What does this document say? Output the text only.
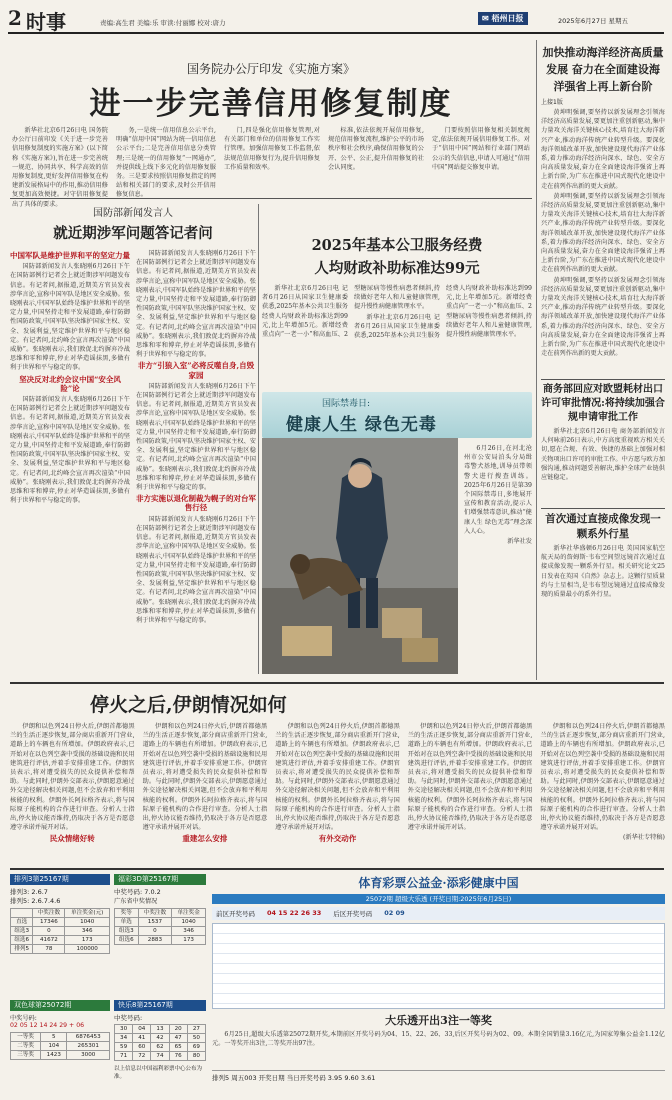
2 时事	责编:高生君 美编:乐 审读:付丽娜 校对:唐力	✉ 梧州日报	2025年6月27日 星期五
国务院办公厅印发《实施方案》
进一步完善信用修复制度

新华社北京6月26日电 国务院办公厅日前印发《关于进一步完善信用修复制度的实施方案》(以下简称《实施方案》),旨在进一步完善统一规范、协同共享、科学高效的信用修复制度,更好发挥信用修复在构建新发展格局中的作用,推动信用修复更加高效便捷。对守信用修复提出了具体的要求。

务,一是统一信用信息公示平台,明确“信用中国”网站为统一信用信息公示平台;二是完善信用信息分类管理;三是统一的信用修复“一网通办”,并提供线上线下多元化的信用修复服务。三是要求按照信用修复指定的网站和相关部门的要求,及时公开信用修复信息。

门,四是强化信用修复管理,对有关部门和单位的信用修复工作实行管理。加强信用修复工作监督,依法规范信用修复行为,提升信用修复工作质量和效率。

标准,依法依规开展信用修复,规范信用修复流程,维护公平的市场秩序和社会秩序,确保信用修复的公开、公平、公正,提升信用修复的社会认同度。

门要按照信用修复相关制度规定,依法依规开展信用修复工作。对于“信用中国”网站和行业部门网站公示的失信信息,申请人可通过“信用中国”网站提交修复申请。

国防部新闻发言人
就近期涉军问题答记者问
中国军队是维护世界和平的坚定力量

国防部新闻发言人张晓刚6月26日下午在国防部例行记者会上就近期涉军问题发布信息。有记者问,据报道,近期美方官员发表涉华言论,宣称中国军队是地区安全威胁。张晓刚表示,中国军队始终是维护世界和平的坚定力量,中国坚持走和平发展道路,奉行防御性国防政策,中国军队坚决维护国家主权、安全、发展利益,坚定维护世界和平与地区稳定。有记者问,北约峰会宣言再次渲染“中国威胁”。张晓刚表示,我们敦促北约摒弃冷战思维和零和博弈,停止对华造谣抹黑,多做有利于世界和平与稳定的事。

坚决反对北约会议中国“安全风险”论

国防部新闻发言人张晓刚6月26日下午在国防部例行记者会上就近期涉军问题发布信息。有记者问,据报道,近期美方官员发表涉华言论,宣称中国军队是地区安全威胁。张晓刚表示,中国军队始终是维护世界和平的坚定力量,中国坚持走和平发展道路,奉行防御性国防政策,中国军队坚决维护国家主权、安全、发展利益,坚定维护世界和平与地区稳定。有记者问,北约峰会宣言再次渲染“中国威胁”。张晓刚表示,我们敦促北约摒弃冷战思维和零和博弈,停止对华造谣抹黑,多做有利于世界和平与稳定的事。

国防部新闻发言人张晓刚6月26日下午在国防部例行记者会上就近期涉军问题发布信息。有记者问,据报道,近期美方官员发表涉华言论,宣称中国军队是地区安全威胁。张晓刚表示,中国军队始终是维护世界和平的坚定力量,中国坚持走和平发展道路,奉行防御性国防政策,中国军队坚决维护国家主权、安全、发展利益,坚定维护世界和平与地区稳定。有记者问,北约峰会宣言再次渲染“中国威胁”。张晓刚表示,我们敦促北约摒弃冷战思维和零和博弈,停止对华造谣抹黑,多做有利于世界和平与稳定的事。

非方“引狼入室”必将反噬自身,自毁家园

国防部新闻发言人张晓刚6月26日下午在国防部例行记者会上就近期涉军问题发布信息。有记者问,据报道,近期美方官员发表涉华言论,宣称中国军队是地区安全威胁。张晓刚表示,中国军队始终是维护世界和平的坚定力量,中国坚持走和平发展道路,奉行防御性国防政策,中国军队坚决维护国家主权、安全、发展利益,坚定维护世界和平与地区稳定。有记者问,北约峰会宣言再次渲染“中国威胁”。张晓刚表示,我们敦促北约摒弃冷战思维和零和博弈,停止对华造谣抹黑,多做有利于世界和平与稳定的事。

非方实施以退化制裁为幌子的对台军售行径

国防部新闻发言人张晓刚6月26日下午在国防部例行记者会上就近期涉军问题发布信息。有记者问,据报道,近期美方官员发表涉华言论,宣称中国军队是地区安全威胁。张晓刚表示,中国军队始终是维护世界和平的坚定力量,中国坚持走和平发展道路,奉行防御性国防政策,中国军队坚决维护国家主权、安全、发展利益,坚定维护世界和平与地区稳定。有记者问,北约峰会宣言再次渲染“中国威胁”。张晓刚表示,我们敦促北约摒弃冷战思维和零和博弈,停止对华造谣抹黑,多做有利于世界和平与稳定的事。

2025年基本公卫服务经费
人均财政补助标准达99元

新华社北京6月26日电 记者6月26日从国家卫生健康委获悉,2025年基本公共卫生服务经费人均财政补助标准达到99元,比上年增加5元。新增经费重点向“一老一小”和高血压、2型糖尿病等慢性病患者倾斜,持续做好老年人和儿童健康管理,提升慢性病健康管理水平。

新华社北京6月26日电 记者6月26日从国家卫生健康委获悉,2025年基本公共卫生服务经费人均财政补助标准达到99元,比上年增加5元。新增经费重点向“一老一小”和高血压、2型糖尿病等慢性病患者倾斜,持续做好老年人和儿童健康管理,提升慢性病健康管理水平。

国际禁毒日:
健康人生 绿色无毒

6月26日,在河北沧州市公安局泊头分局缉毒警犬基地,训导员带领警犬进行搜查训练。2025年6月26日是第39个国际禁毒日,多地展开宣传和教育活动,提示人们增强禁毒意识,推动“健康人生 绿色无毒”理念深入人心。

新华社发

加快推动海洋经济高质量发展 奋力在全面建设海洋强省上再上新台阶
上接1版

黄坤明强调,要坚持以新发展理念引领海洋经济高质量发展,要更加注重创新驱动,集中力量攻关海洋关键核心技术,培育壮大海洋新兴产业,推动海洋传统产业转型升级。要深化海洋领域改革开放,加快建设现代海洋产业体系,着力推动海洋经济向深水、绿色、安全方向高质量发展,奋力在全面建设海洋强省上再上新台阶,为广东在推进中国式现代化建设中走在前列作出新的更大贡献。

黄坤明强调,要坚持以新发展理念引领海洋经济高质量发展,要更加注重创新驱动,集中力量攻关海洋关键核心技术,培育壮大海洋新兴产业,推动海洋传统产业转型升级。要深化海洋领域改革开放,加快建设现代海洋产业体系,着力推动海洋经济向深水、绿色、安全方向高质量发展,奋力在全面建设海洋强省上再上新台阶,为广东在推进中国式现代化建设中走在前列作出新的更大贡献。

黄坤明强调,要坚持以新发展理念引领海洋经济高质量发展,要更加注重创新驱动,集中力量攻关海洋关键核心技术,培育壮大海洋新兴产业,推动海洋传统产业转型升级。要深化海洋领域改革开放,加快建设现代海洋产业体系,着力推动海洋经济向深水、绿色、安全方向高质量发展,奋力在全面建设海洋强省上再上新台阶,为广东在推进中国式现代化建设中走在前列作出新的更大贡献。

商务部回应对欧盟耗材出口许可审批情况:将持续加强合规申请审批工作

新华社北京6月26日电 商务部新闻发言人何咏前26日表示,中方高度重视欧方相关关切,愿在合规、有效、快捷的基础上加强对相关物项出口许可的审批工作。中方愿与欧方加强沟通,推动问题妥善解决,维护全球产业链供应链稳定。

首次通过直接成像发现一颗系外行星

新华社华盛顿6月26日电 美国国家航空航天局的詹姆斯·韦布空间望远镜首次通过直接成像发现一颗系外行星。相关研究论文25日发表在英国《自然》杂志上。这颗行星质量约与土星相当,是韦布望远镜通过直接成像发现的质量最小的系外行星。

停火之后,伊朗情况如何

伊朗和以色列24日停火后,伊朗首都德黑兰的生活正逐步恢复,部分商店重新开门营业,道路上的车辆也有所增加。伊朗政府表示,已开始对在以色列空袭中受损的基础设施和民用建筑进行评估,并着手安排重建工作。伊朗官员表示,将对遭受损失的民众提供补偿和帮助。与此同时,伊朗外交部表示,伊朗愿意通过外交途径解决相关问题,但不会放弃和平利用核能的权利。伊朗外长阿拉格齐表示,将与国际原子能机构的合作进行审查。分析人士指出,停火协议能否维持,仍取决于各方是否愿意遵守承诺并展开对话。

民众情绪好转

伊朗和以色列24日停火后,伊朗首都德黑兰的生活正逐步恢复,部分商店重新开门营业,道路上的车辆也有所增加。伊朗政府表示,已开始对在以色列空袭中受损的基础设施和民用建筑进行评估,并着手安排重建工作。伊朗官员表示,将对遭受损失的民众提供补偿和帮助。与此同时,伊朗外交部表示,伊朗愿意通过外交途径解决相关问题,但不会放弃和平利用核能的权利。伊朗外长阿拉格齐表示,将与国际原子能机构的合作进行审查。分析人士指出,停火协议能否维持,仍取决于各方是否愿意遵守承诺并展开对话。

重建怎么安排

伊朗和以色列24日停火后,伊朗首都德黑兰的生活正逐步恢复,部分商店重新开门营业,道路上的车辆也有所增加。伊朗政府表示,已开始对在以色列空袭中受损的基础设施和民用建筑进行评估,并着手安排重建工作。伊朗官员表示,将对遭受损失的民众提供补偿和帮助。与此同时,伊朗外交部表示,伊朗愿意通过外交途径解决相关问题,但不会放弃和平利用核能的权利。伊朗外长阿拉格齐表示,将与国际原子能机构的合作进行审查。分析人士指出,停火协议能否维持,仍取决于各方是否愿意遵守承诺并展开对话。

有外交动作

伊朗和以色列24日停火后,伊朗首都德黑兰的生活正逐步恢复,部分商店重新开门营业,道路上的车辆也有所增加。伊朗政府表示,已开始对在以色列空袭中受损的基础设施和民用建筑进行评估,并着手安排重建工作。伊朗官员表示,将对遭受损失的民众提供补偿和帮助。与此同时,伊朗外交部表示,伊朗愿意通过外交途径解决相关问题,但不会放弃和平利用核能的权利。伊朗外长阿拉格齐表示,将与国际原子能机构的合作进行审查。分析人士指出,停火协议能否维持,仍取决于各方是否愿意遵守承诺并展开对话。

伊朗和以色列24日停火后,伊朗首都德黑兰的生活正逐步恢复,部分商店重新开门营业,道路上的车辆也有所增加。伊朗政府表示,已开始对在以色列空袭中受损的基础设施和民用建筑进行评估,并着手安排重建工作。伊朗官员表示,将对遭受损失的民众提供补偿和帮助。与此同时,伊朗外交部表示,伊朗愿意通过外交途径解决相关问题,但不会放弃和平利用核能的权利。伊朗外长阿拉格齐表示,将与国际原子能机构的合作进行审查。分析人士指出,停火协议能否维持,仍取决于各方是否愿意遵守承诺并展开对话。

(新华社专特稿)

排列3第25167期
排列3: 2.6.7
排列5: 2.6.7.4.6
	中奖注数	单注奖金(元)
直选	17346	1040
组选3	0	346
组选6	41672	173
排列5	78	100000
双色球第25072期
中奖号码:
02 05 12 14 24 29 + 06
一等奖	5	6876453
二等奖	104	265301
三等奖	1423	3000
福彩3D第25167期
中奖号码: 7.0.2
广东省中奖情况
奖等	中奖注数	单注奖金
单选	1537	1040
组选3	0	346
组选6	2883	173
快乐8第25167期
中奖号码:
30	04	13	20	27
34	41	42	47	50
59	60	62	65	69
71	72	74	76	80
以上信息以中国福利彩票中心公布为准。
体育彩票公益金·添彩健康中国
25072期 超级大乐透 (开奖日期:2025年6月25日)
前区开奖号码 04 15 22 26 33 后区开奖号码 02 09
大乐透开出3注一等奖

6月25日,超级大乐透第25072期开奖,本期前区开奖号码为04、15、22、26、33,后区开奖号码为02、09。本期全国销量3.16亿元,为国家筹集公益金1.12亿元。一等奖开出3注,二等奖开出97注。

排列5 周五003 开奖日期 当日开奖号码 3.95 9.60 3.61
